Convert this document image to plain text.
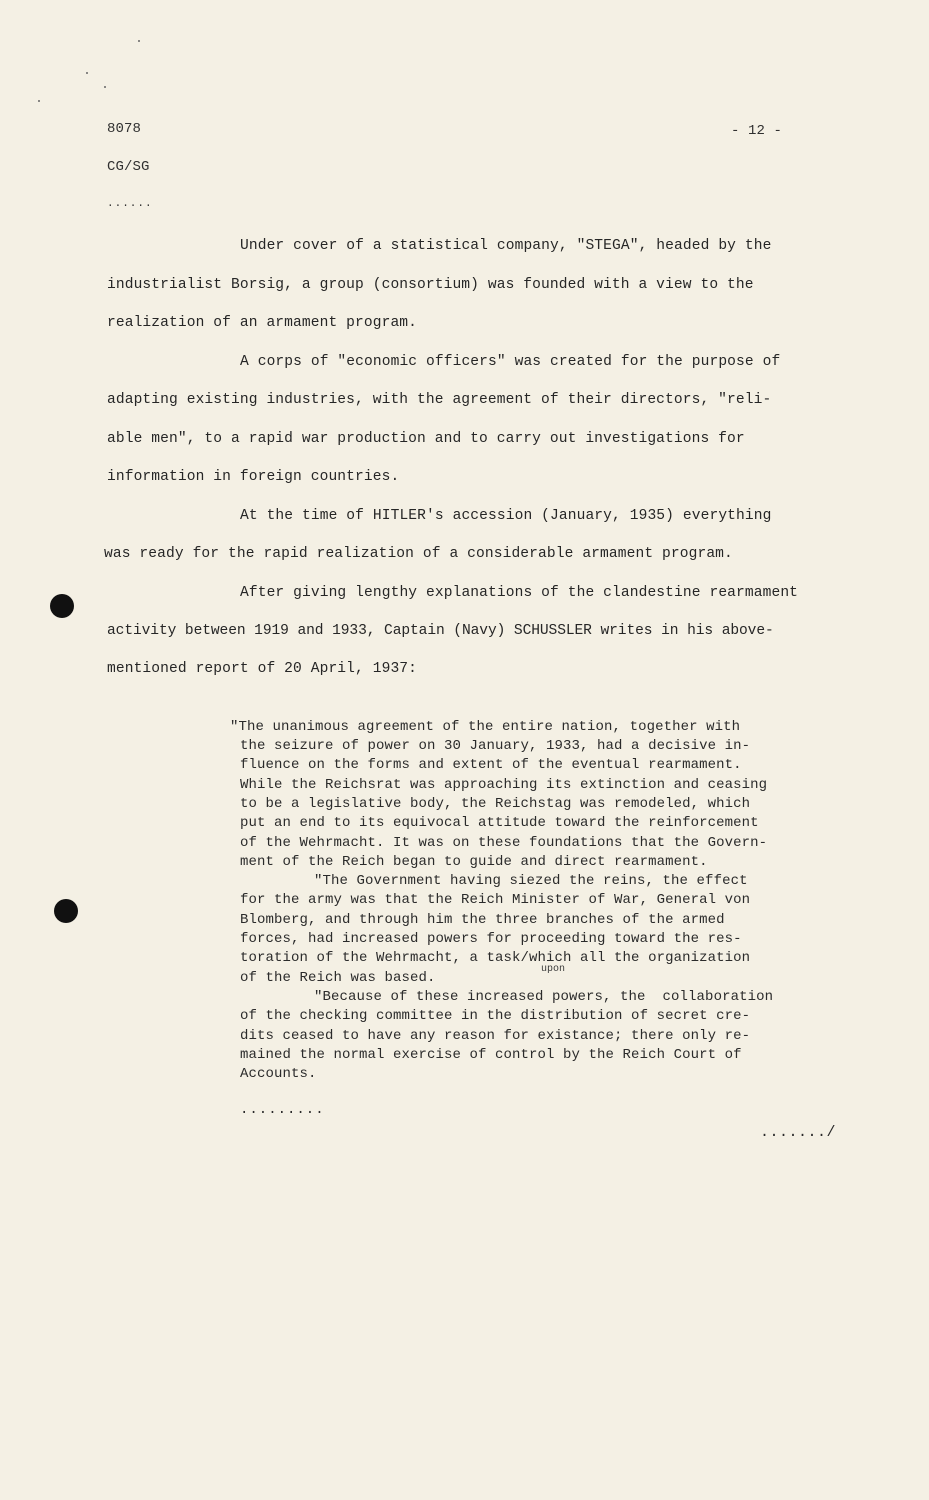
8078	- 12 -
CG/SG
......
Under cover of a statistical company, "STEGA", headed by the
industrialist Borsig, a group (consortium) was founded with a view to the
realization of an armament program.
A corps of "economic officers" was created for the purpose of
adapting existing industries, with the agreement of their directors, "reli-
able men", to a rapid war production and to carry out investigations for
information in foreign countries.
At the time of HITLER's accession (January, 1935) everything
was ready for the rapid realization of a considerable armament program.
After giving lengthy explanations of the clandestine rearmament
activity between 1919 and 1933, Captain (Navy) SCHUSSLER writes in his above-
mentioned report of 20 April, 1937:
"The unanimous agreement of the entire nation, together with
the seizure of power on 30 January, 1933, had a decisive in-
fluence on the forms and extent of the eventual rearmament.
While the Reichsrat was approaching its extinction and ceasing
to be a legislative body, the Reichstag was remodeled, which
put an end to its equivocal attitude toward the reinforcement
of the Wehrmacht. It was on these foundations that the Govern-
ment of the Reich began to guide and direct rearmament.
"The Government having siezed the reins, the effect
for the army was that the Reich Minister of War, General von
Blomberg, and through him the three branches of the armed
forces, had increased powers for proceeding toward the res-
toration of the Wehrmacht, a task/which all the organization
upon
of the Reich was based.
"Because of these increased powers, the  collaboration
of the checking committee in the distribution of secret cre-
dits ceased to have any reason for existance; there only re-
mained the normal exercise of control by the Reich Court of
Accounts.
.........
......./
